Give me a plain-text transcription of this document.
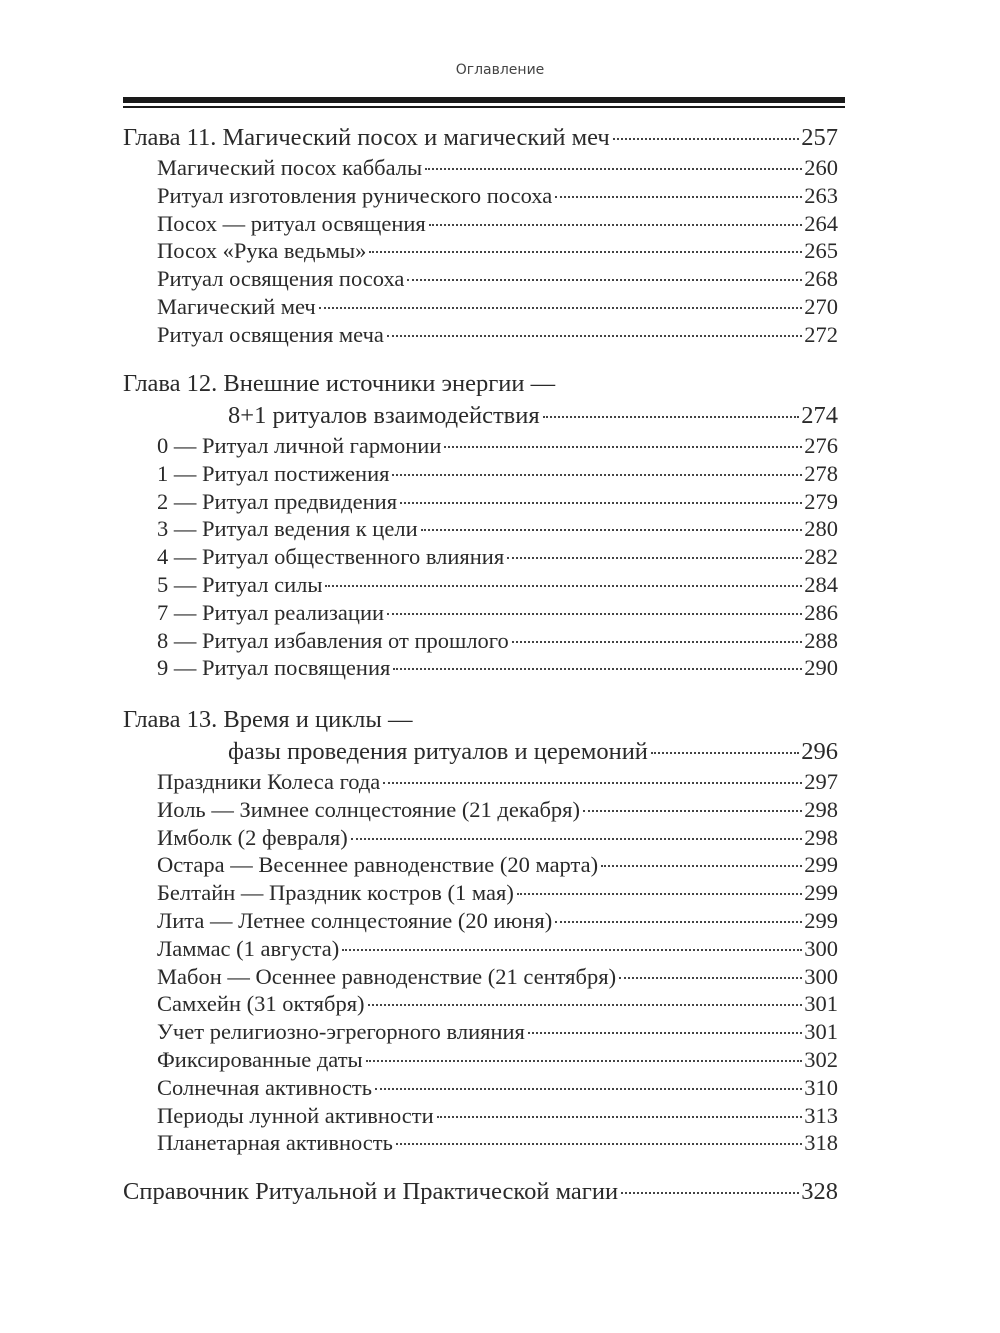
Оглавление
Глава 11. Магический посох и магический меч	257
Магический посох каббалы	260
Ритуал изготовления рунического посоха	263
Посох — ритуал освящения	264
Посох «Рука ведьмы»	265
Ритуал освящения посоха	268
Магический меч	270
Ритуал освящения меча	272
Глава 12. Внешние источники энергии —
8+1 ритуалов взаимодействия	274
0 — Ритуал личной гармонии	276
1 — Ритуал постижения	278
2 — Ритуал предвидения	279
3 — Ритуал ведения к цели	280
4 — Ритуал общественного влияния	282
5 — Ритуал силы	284
7 — Ритуал реализации	286
8 — Ритуал избавления от прошлого	288
9 — Ритуал посвящения	290
Глава 13. Время и циклы —
фазы проведения ритуалов и церемоний	296
Праздники Колеса года	297
Иоль — Зимнее солнцестояние (21 декабря)	298
Имболк (2 февраля)	298
Остара — Весеннее равноденствие (20 марта)	299
Белтайн — Праздник костров (1 мая)	299
Лита — Летнее солнцестояние (20 июня)	299
Ламмас (1 августа)	300
Мабон — Осеннее равноденствие (21 сентября)	300
Самхейн (31 октября)	301
Учет религиозно-эгрегорного влияния	301
Фиксированные даты	302
Солнечная активность	310
Периоды лунной активности	313
Планетарная активность	318
Справочник Ритуальной и Практической магии	328
